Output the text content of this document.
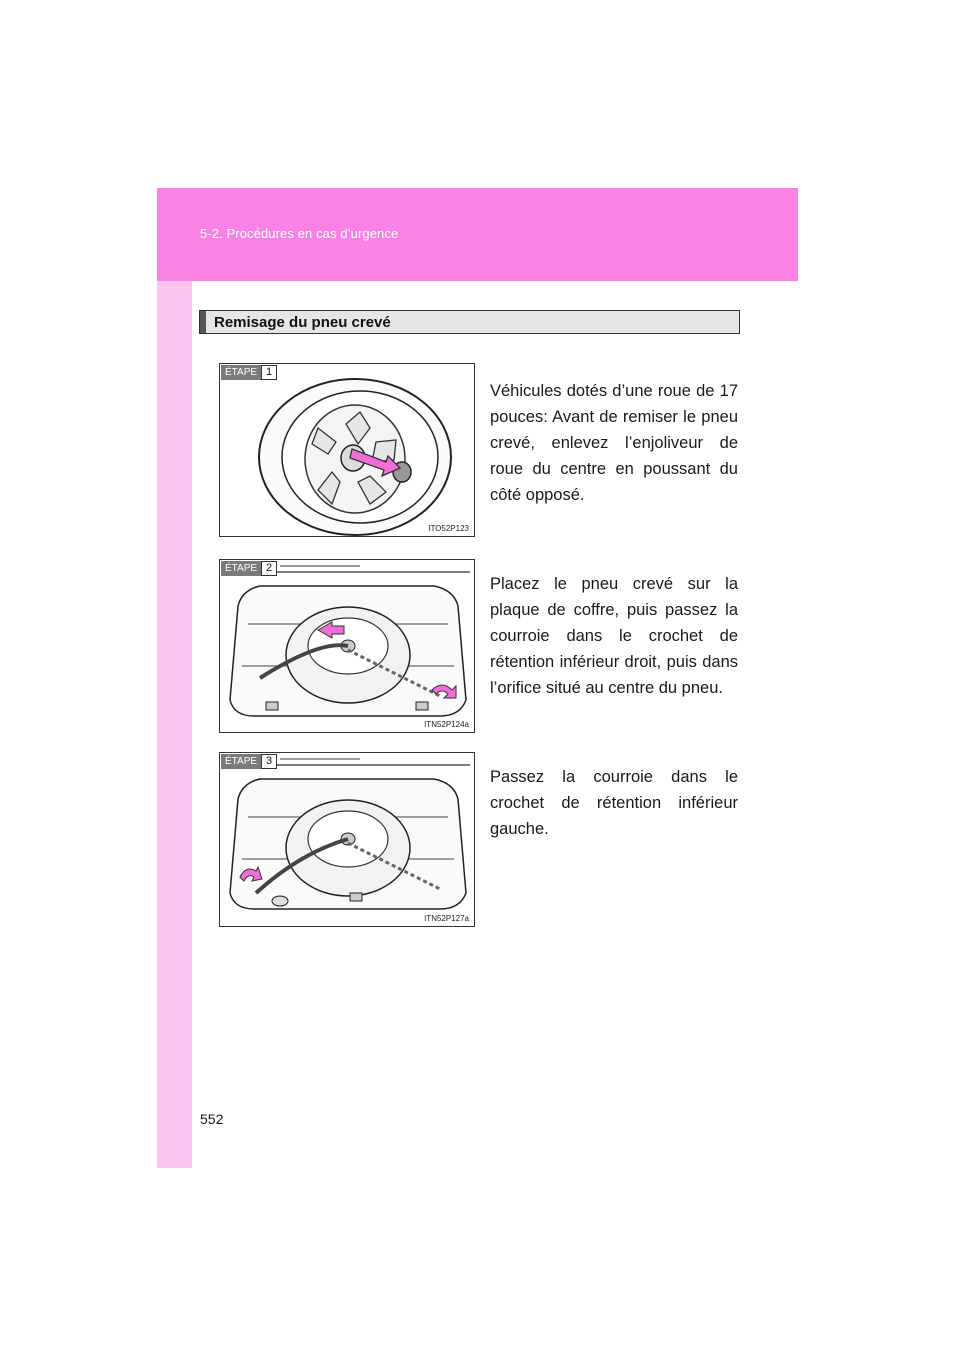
5-2. Procédures en cas d’urgence
Remisage du pneu crevé
ÉTAPE 1
ITO52P123
Véhicules dotés d’une roue de 17 pouces: Avant de remiser le pneu crevé, enlevez l’enjoliveur de roue du centre en poussant du côté opposé.
ÉTAPE 2
ITN52P124a
Placez le pneu crevé sur la plaque de coffre, puis passez la courroie dans le crochet de rétention inférieur droit, puis dans l’orifice situé au centre du pneu.
ÉTAPE 3
ITN52P127a
Passez la courroie dans le crochet de rétention inférieur gauche.
552
